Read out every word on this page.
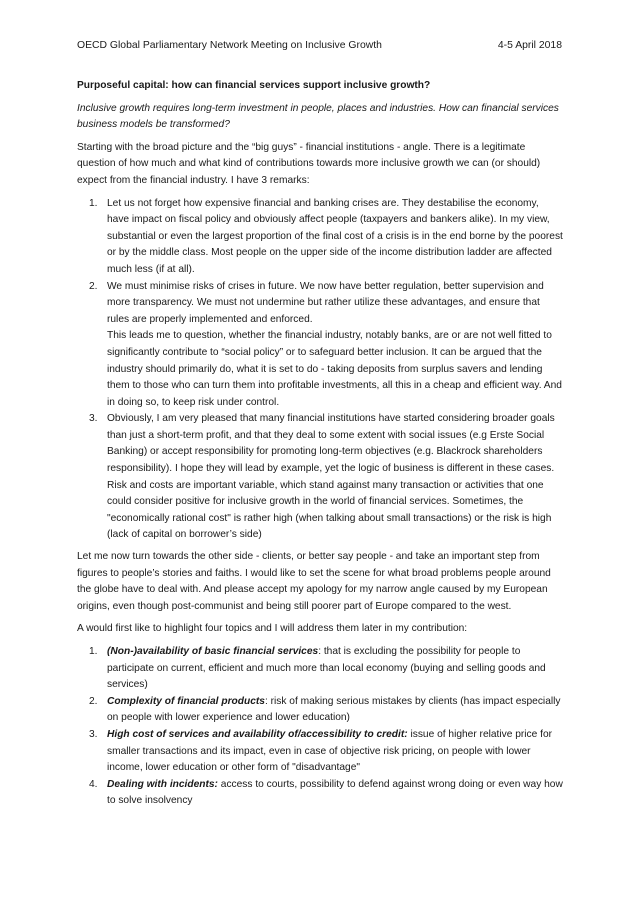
OECD Global Parliamentary Network Meeting on Inclusive Growth	4-5 April 2018

Purposeful capital: how can financial services support inclusive growth?

Inclusive growth requires long-term investment in people, places and industries. How can financial services business models be transformed?

Starting with the broad picture and the “big guys” - financial institutions - angle. There is a legitimate question of how much and what kind of contributions towards more inclusive growth we can (or should) expect from the financial industry. I have 3 remarks:

1. Let us not forget how expensive financial and banking crises are. They destabilise the economy, have impact on fiscal policy and obviously affect people (taxpayers and bankers alike). In my view, substantial or even the largest proportion of the final cost of a crisis is in the end borne by the poorest or by the middle class. Most people on the upper side of the income distribution ladder are affected much less (if at all).
2. We must minimise risks of crises in future. We now have better regulation, better supervision and more transparency. We must not undermine but rather utilize these advantages, and ensure that rules are properly implemented and enforced.
This leads me to question, whether the financial industry, notably banks, are or are not well fitted to significantly contribute to “social policy” or to safeguard better inclusion. It can be argued that the industry should primarily do, what it is set to do - taking deposits from surplus savers and lending them to those who can turn them into profitable investments, all this in a cheap and efficient way. And in doing so, to keep risk under control.
3. Obviously, I am very pleased that many financial institutions have started considering broader goals than just a short-term profit, and that they deal to some extent with social issues (e.g Erste Social Banking) or accept responsibility for promoting long-term objectives (e.g. Blackrock shareholders responsibility). I hope they will lead by example, yet the logic of business is different in these cases. Risk and costs are important variable, which stand against many transaction or activities that one could consider positive for inclusive growth in the world of financial services. Sometimes, the "economically rational cost" is rather high (when talking about small transactions) or the risk is high (lack of capital on borrower’s side)

Let me now turn towards the other side - clients, or better say people - and take an important step from figures to people’s stories and faiths. I would like to set the scene for what broad problems people around the globe have to deal with. And please accept my apology for my narrow angle caused by my European origins, even though post-communist and being still poorer part of Europe compared to the west.

A would first like to highlight four topics and I will address them later in my contribution:

1. (Non-)availability of basic financial services: that is excluding the possibility for people to participate on current, efficient and much more than local economy (buying and selling goods and services)
2. Complexity of financial products: risk of making serious mistakes by clients (has impact especially on people with lower experience and lower education)
3. High cost of services and availability of/accessibility to credit: issue of higher relative price for smaller transactions and its impact, even in case of objective risk pricing, on people with lower income, lower education or other form of "disadvantage"
4. Dealing with incidents: access to courts, possibility to defend against wrong doing or even way how to solve insolvency
